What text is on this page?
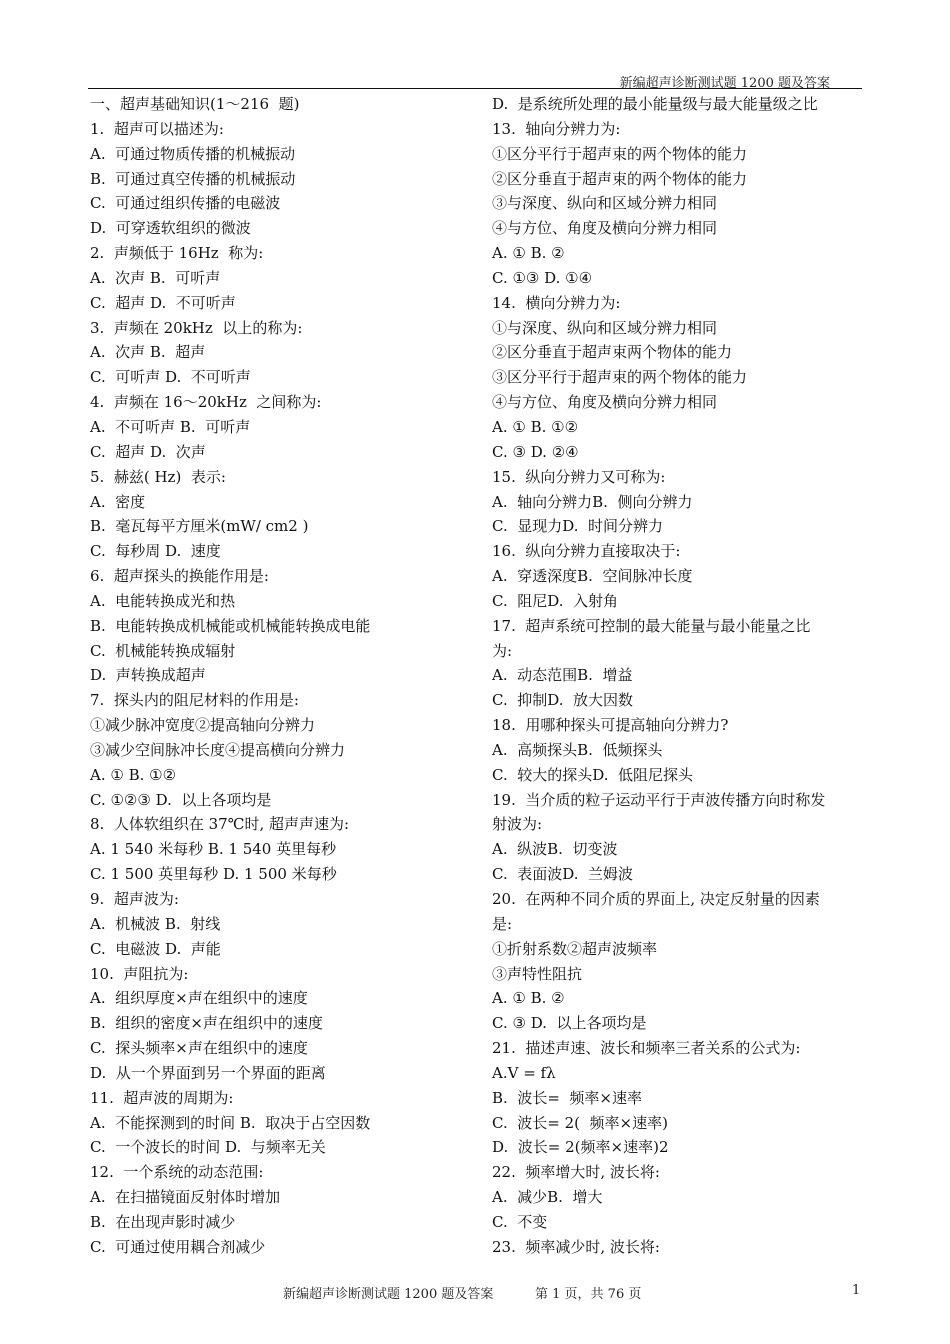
新编超声诊断测试题 1200 题及答案
一、超声基础知识(1～216  题)
1.  超声可以描述为:
A.  可通过物质传播的机械振动
B.  可通过真空传播的机械振动
C.  可通过组织传播的电磁波
D.  可穿透软组织的微波
2.  声频低于 16Hz  称为:
A.  次声 B.  可听声
C.  超声 D.  不可听声
3.  声频在 20kHz  以上的称为:
A.  次声 B.  超声
C.  可听声 D.  不可听声
4.  声频在 16～20kHz  之间称为:
A.  不可听声 B.  可听声
C.  超声 D.  次声
5.  赫兹( Hz)  表示:
A.  密度
B.  毫瓦每平方厘米(mW/ cm2 )
C.  每秒周 D.  速度
6.  超声探头的换能作用是:
A.  电能转换成光和热
B.  电能转换成机械能或机械能转换成电能
C.  机械能转换成辐射
D.  声转换成超声
7.  探头内的阻尼材料的作用是:
①减少脉冲宽度②提高轴向分辨力
③减少空间脉冲长度④提高横向分辨力
A. ① B. ①②
C. ①②③ D.  以上各项均是
8.  人体软组织在 37℃时, 超声声速为:
A. 1 540 米每秒 B. 1 540 英里每秒
C. 1 500 英里每秒 D. 1 500 米每秒
9.  超声波为:
A.  机械波 B.  射线
C.  电磁波 D.  声能
10.  声阻抗为:
A.  组织厚度×声在组织中的速度
B.  组织的密度×声在组织中的速度
C.  探头频率×声在组织中的速度
D.  从一个界面到另一个界面的距离
11.  超声波的周期为:
A.  不能探测到的时间 B.  取决于占空因数
C.  一个波长的时间 D.  与频率无关
12.  一个系统的动态范围:
A.  在扫描镜面反射体时增加
B.  在出现声影时减少
C.  可通过使用耦合剂减少
D.  是系统所处理的最小能量级与最大能量级之比
13.  轴向分辨力为:
①区分平行于超声束的两个物体的能力
②区分垂直于超声束的两个物体的能力
③与深度、纵向和区域分辨力相同
④与方位、角度及横向分辨力相同
A. ① B. ②
C. ①③ D. ①④
14.  横向分辨力为:
①与深度、纵向和区域分辨力相同
②区分垂直于超声束两个物体的能力
③区分平行于超声束的两个物体的能力
④与方位、角度及横向分辨力相同
A. ① B. ①②
C. ③ D. ②④
15.  纵向分辨力又可称为:
A.  轴向分辨力B.  侧向分辨力
C.  显现力D.  时间分辨力
16.  纵向分辨力直接取决于:
A.  穿透深度B.  空间脉冲长度
C.  阻尼D.  入射角
17.  超声系统可控制的最大能量与最小能量之比
为:
A.  动态范围B.  增益
C.  抑制D.  放大因数
18.  用哪种探头可提高轴向分辨力?
A.  高频探头B.  低频探头
C.  较大的探头D.  低阻尼探头
19.  当介质的粒子运动平行于声波传播方向时称发
射波为:
A.  纵波B.  切变波
C.  表面波D.  兰姆波
20.  在两种不同介质的界面上, 决定反射量的因素
是:
①折射系数②超声波频率
③声特性阻抗
A. ① B. ②
C. ③ D.  以上各项均是
21.  描述声速、波长和频率三者关系的公式为:
A.V = fλ
B.  波长=  频率×速率
C.  波长= 2(  频率×速率)
D.  波长= 2(频率×速率)2
22.  频率增大时, 波长将:
A.  减少B.  增大
C.  不变
23.  频率减少时, 波长将:
新编超声诊断测试题 1200 题及答案	第 1 页，共 76 页	1
